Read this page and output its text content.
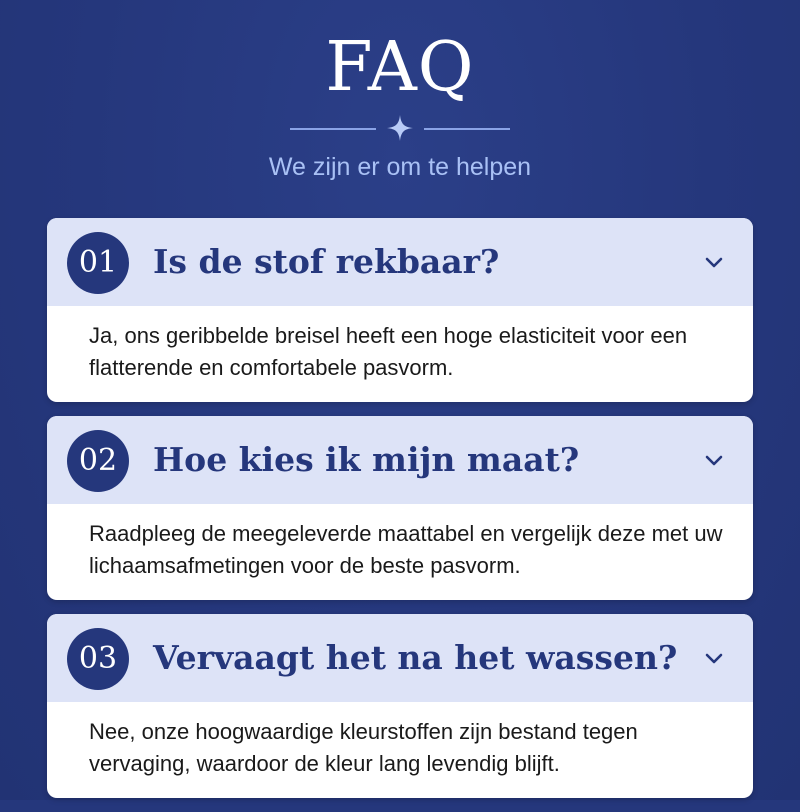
FAQ
We zijn er om te helpen
01	Is de stof rekbaar?
Ja, ons geribbelde breisel heeft een hoge elasticiteit voor een flatterende en comfortabele pasvorm.
02	Hoe kies ik mijn maat?
Raadpleeg de meegeleverde maattabel en vergelijk deze met uw lichaamsafmetingen voor de beste pasvorm.
03	Vervaagt het na het wassen?
Nee, onze hoogwaardige kleurstoffen zijn bestand tegen vervaging, waardoor de kleur lang levendig blijft.
